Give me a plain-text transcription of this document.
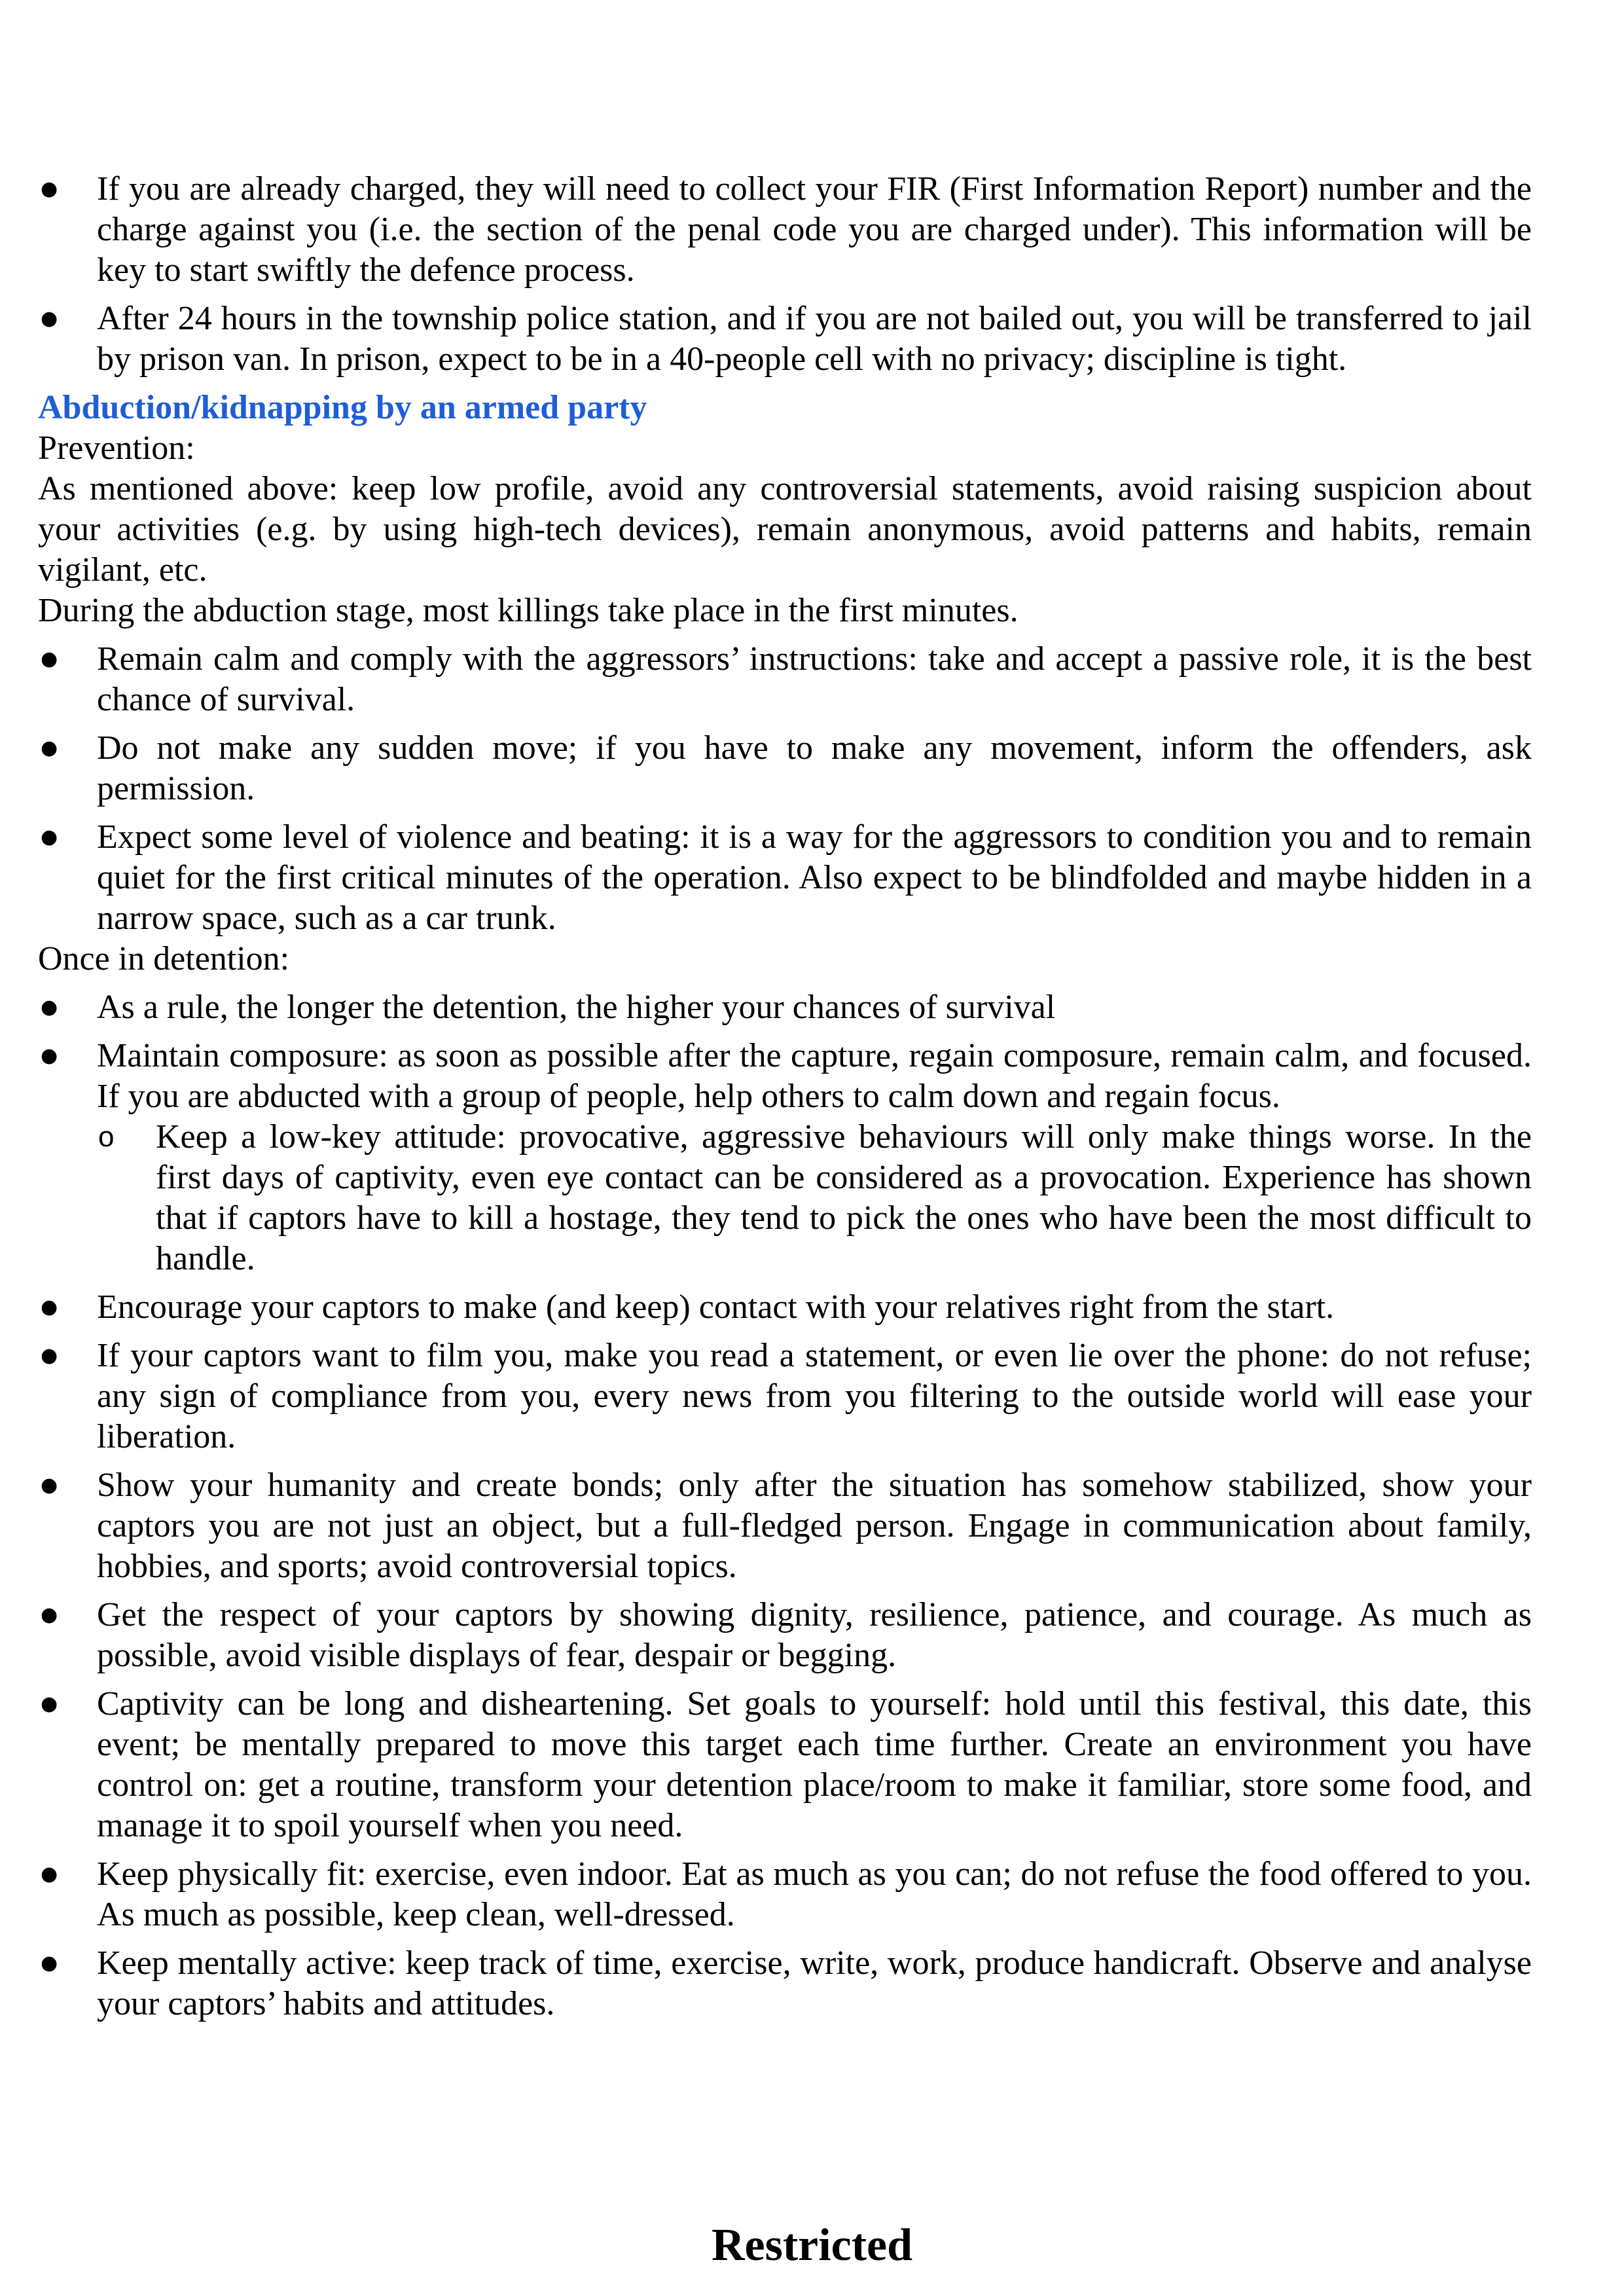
● If you are already charged, they will need to collect your FIR (First Information Report) number and the charge against you (i.e. the section of the penal code you are charged under). This information will be key to start swiftly the defence process.
● After 24 hours in the township police station, and if you are not bailed out, you will be transferred to jail by prison van. In prison, expect to be in a 40-people cell with no privacy; discipline is tight.

Abduction/kidnapping by an armed party

Prevention:

As mentioned above: keep low profile, avoid any controversial statements, avoid raising suspicion about your activities (e.g. by using high-tech devices), remain anonymous, avoid patterns and habits, remain vigilant, etc.

During the abduction stage, most killings take place in the first minutes.

● Remain calm and comply with the aggressors’ instructions: take and accept a passive role, it is the best chance of survival.
● Do not make any sudden move; if you have to make any movement, inform the offenders, ask permission.
● Expect some level of violence and beating: it is a way for the aggressors to condition you and to remain quiet for the first critical minutes of the operation. Also expect to be blindfolded and maybe hidden in a narrow space, such as a car trunk.

Once in detention:

● As a rule, the longer the detention, the higher your chances of survival
● Maintain composure: as soon as possible after the capture, regain composure, remain calm, and focused. If you are abducted with a group of people, help others to calm down and regain focus.
o Keep a low-key attitude: provocative, aggressive behaviours will only make things worse. In the first days of captivity, even eye contact can be considered as a provocation. Experience has shown that if captors have to kill a hostage, they tend to pick the ones who have been the most difficult to handle.
● Encourage your captors to make (and keep) contact with your relatives right from the start.
● If your captors want to film you, make you read a statement, or even lie over the phone: do not refuse; any sign of compliance from you, every news from you filtering to the outside world will ease your liberation.
● Show your humanity and create bonds; only after the situation has somehow stabilized, show your captors you are not just an object, but a full-fledged person. Engage in communication about family, hobbies, and sports; avoid controversial topics.
● Get the respect of your captors by showing dignity, resilience, patience, and courage. As much as possible, avoid visible displays of fear, despair or begging.
● Captivity can be long and disheartening. Set goals to yourself: hold until this festival, this date, this event; be mentally prepared to move this target each time further. Create an environment you have control on: get a routine, transform your detention place/room to make it familiar, store some food, and manage it to spoil yourself when you need.
● Keep physically fit: exercise, even indoor. Eat as much as you can; do not refuse the food offered to you. As much as possible, keep clean, well-dressed.
● Keep mentally active: keep track of time, exercise, write, work, produce handicraft. Observe and analyse your captors’ habits and attitudes.
Restricted
